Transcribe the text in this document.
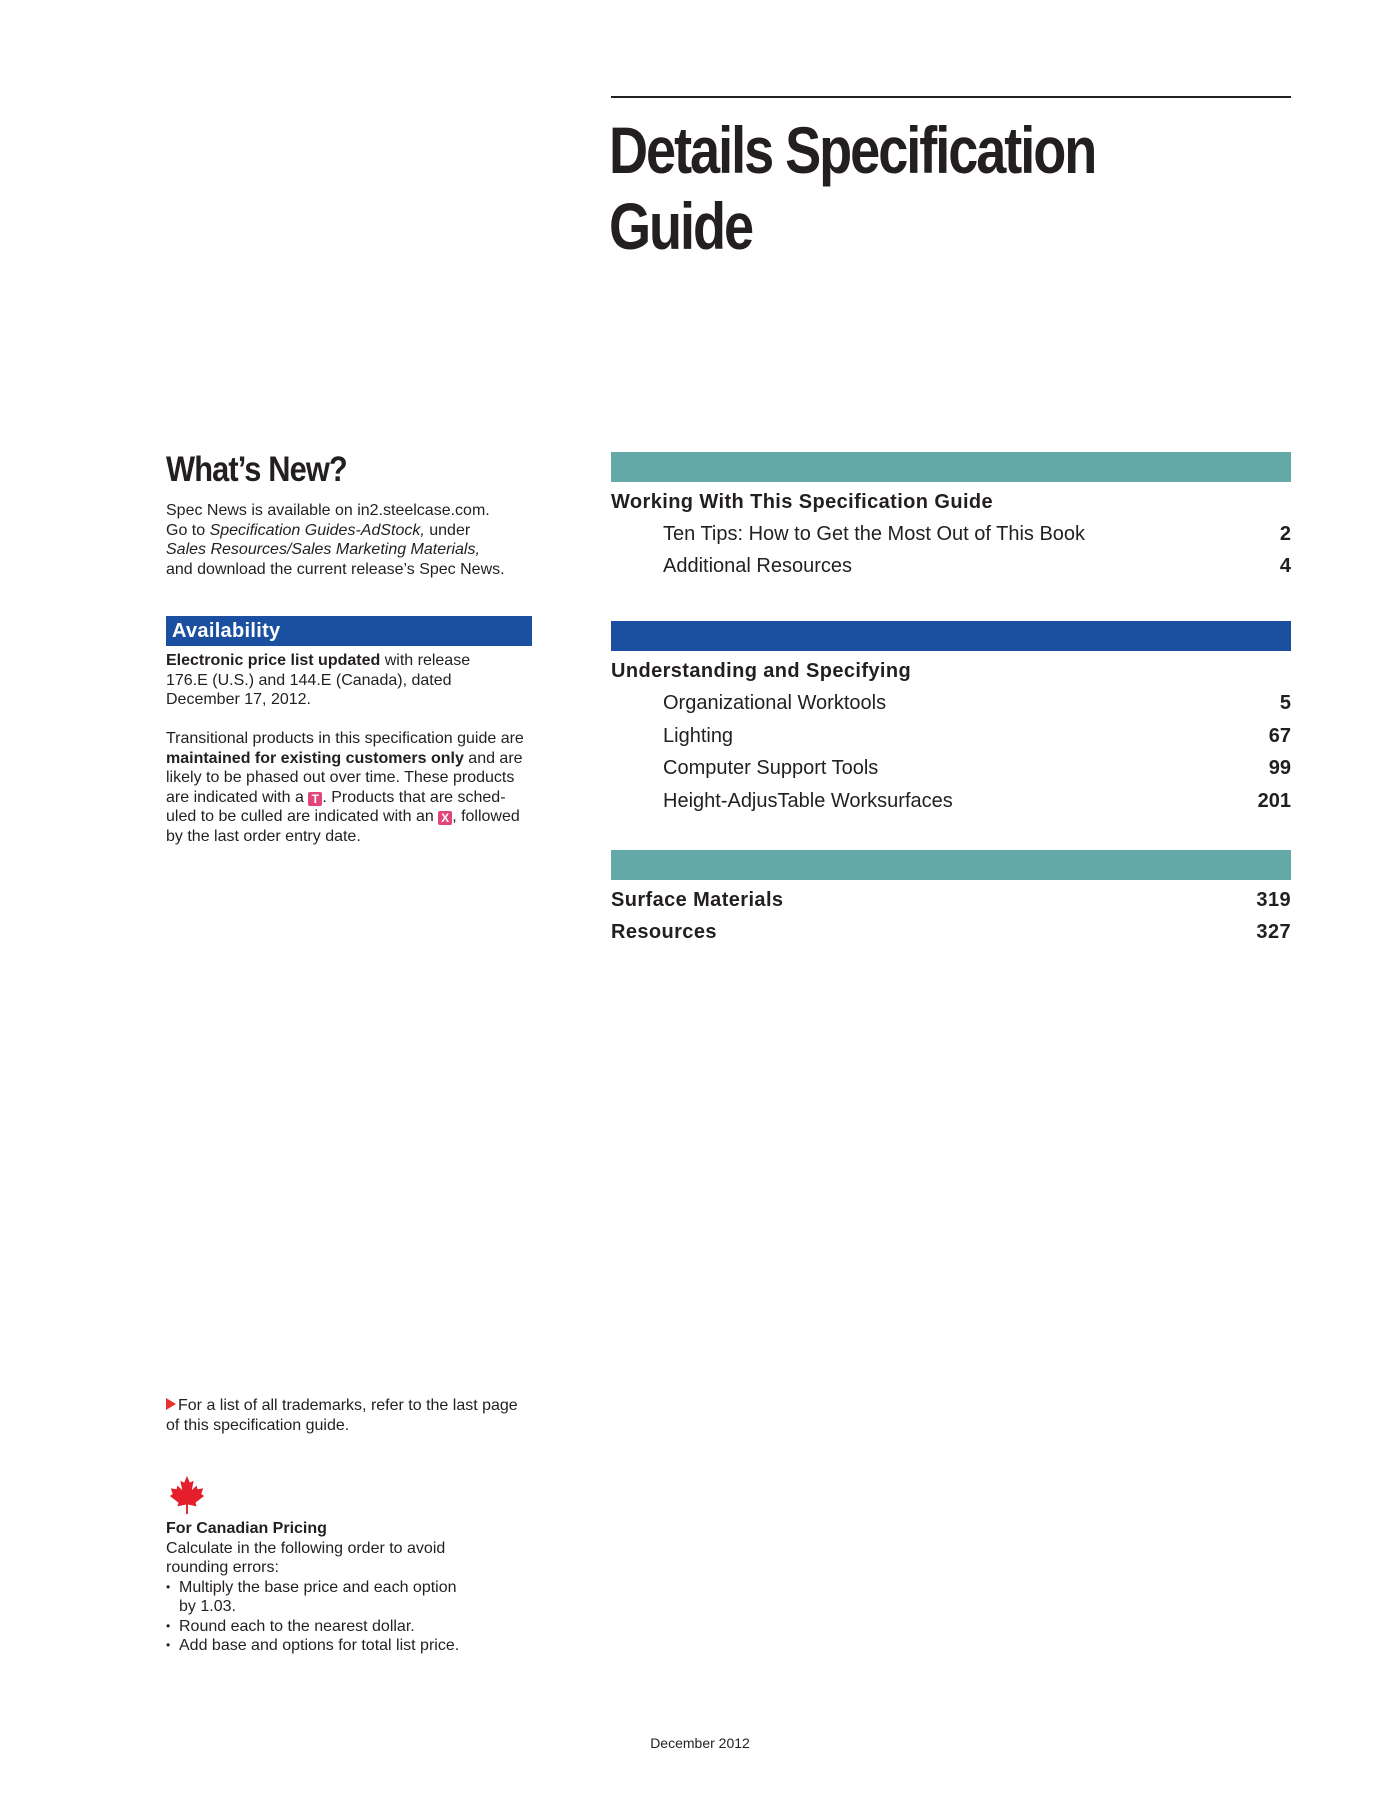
Details Specification
Guide
What’s New?

Spec News is available on in2.steelcase.com.

Go to Specification Guides-AdStock, under

Sales Resources/Sales Marketing Materials,

and download the current release’s Spec News.

Availability

Electronic price list updated with release

176.E (U.S.) and 144.E (Canada), dated

December 17, 2012.

Transitional products in this specification guide are

maintained for existing customers only and are

likely to be phased out over time. These products

are indicated with a T . Products that are sched-

uled to be culled are indicated with an X , followed

by the last order entry date.

For a list of all trademarks, refer to the last page

of this specification guide.

For Canadian Pricing

Calculate in the following order to avoid

rounding errors:

• Multiply the base price and each option
by 1.03.
• Round each to the nearest dollar.
• Add base and options for total list price.
Working With This Specification Guide
Ten Tips: How to Get the Most Out of This Book	2
Additional Resources	4
Understanding and Specifying
Organizational Worktools	5
Lighting	67
Computer Support Tools	99
Height-AdjusTable Worksurfaces	201
Surface Materials	319
Resources	327
December 2012
